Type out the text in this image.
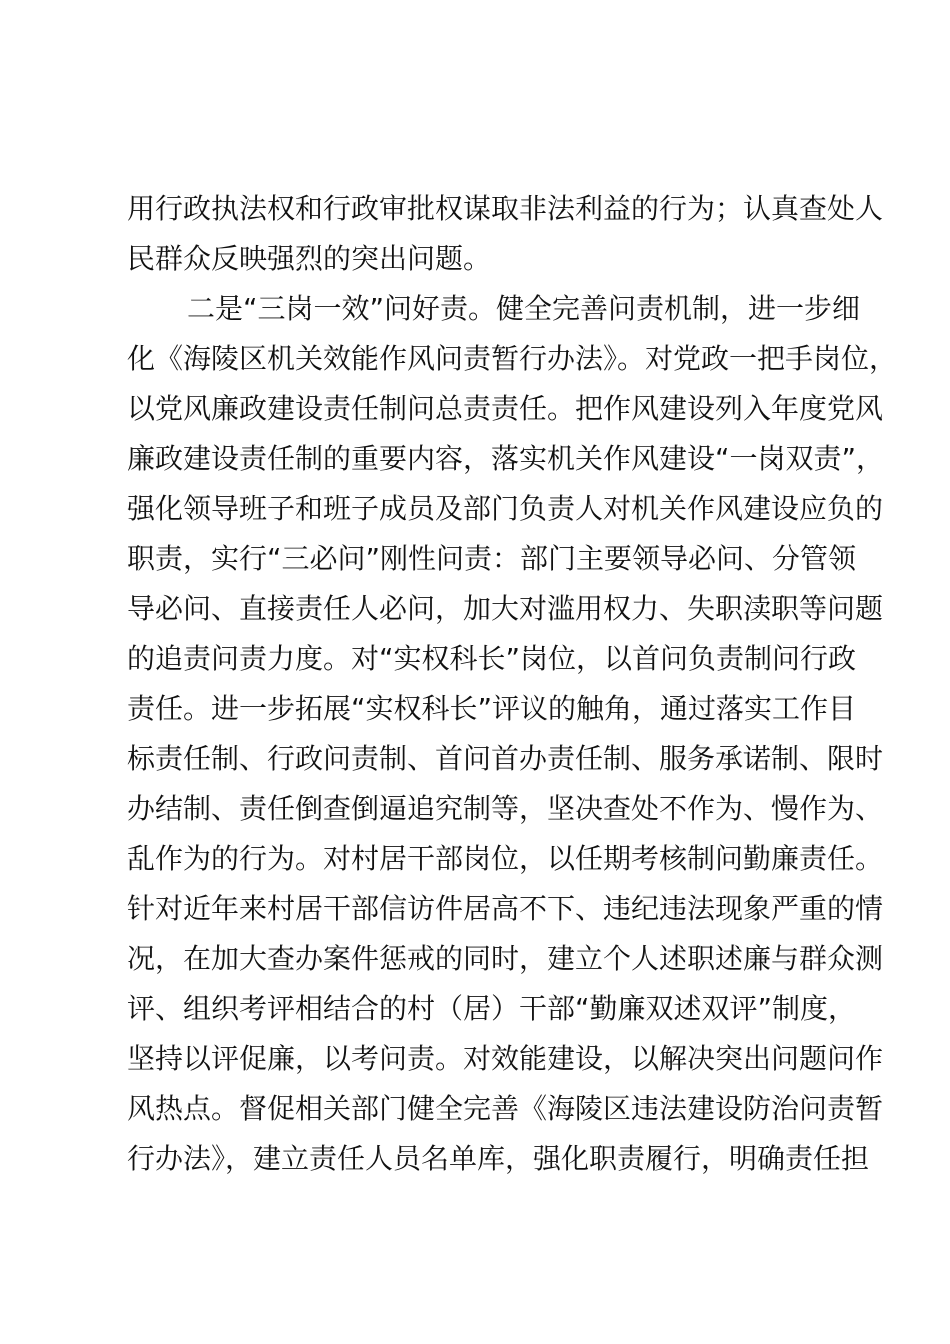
用行政执法权和行政审批权谋取非法利益的行为；认真查处人
民群众反映强烈的突出问题。
二是“三岗一效”问好责。健全完善问责机制，进一步细
化《海陵区机关效能作风问责暂行办法》。对党政一把手岗位，
以党风廉政建设责任制问总责责任。把作风建设列入年度党风
廉政建设责任制的重要内容，落实机关作风建设“一岗双责”，
强化领导班子和班子成员及部门负责人对机关作风建设应负的
职责，实行“三必问”刚性问责：部门主要领导必问、分管领
导必问、直接责任人必问，加大对滥用权力、失职渎职等问题
的追责问责力度。对“实权科长”岗位，以首问负责制问行政
责任。进一步拓展“实权科长”评议的触角，通过落实工作目
标责任制、行政问责制、首问首办责任制、服务承诺制、限时
办结制、责任倒查倒逼追究制等，坚决查处不作为、慢作为、
乱作为的行为。对村居干部岗位，以任期考核制问勤廉责任。
针对近年来村居干部信访件居高不下、违纪违法现象严重的情
况，在加大查办案件惩戒的同时，建立个人述职述廉与群众测
评、组织考评相结合的村（居）干部“勤廉双述双评”制度，
坚持以评促廉，以考问责。对效能建设，以解决突出问题问作
风热点。督促相关部门健全完善《海陵区违法建设防治问责暂
行办法》，建立责任人员名单库，强化职责履行，明确责任担
